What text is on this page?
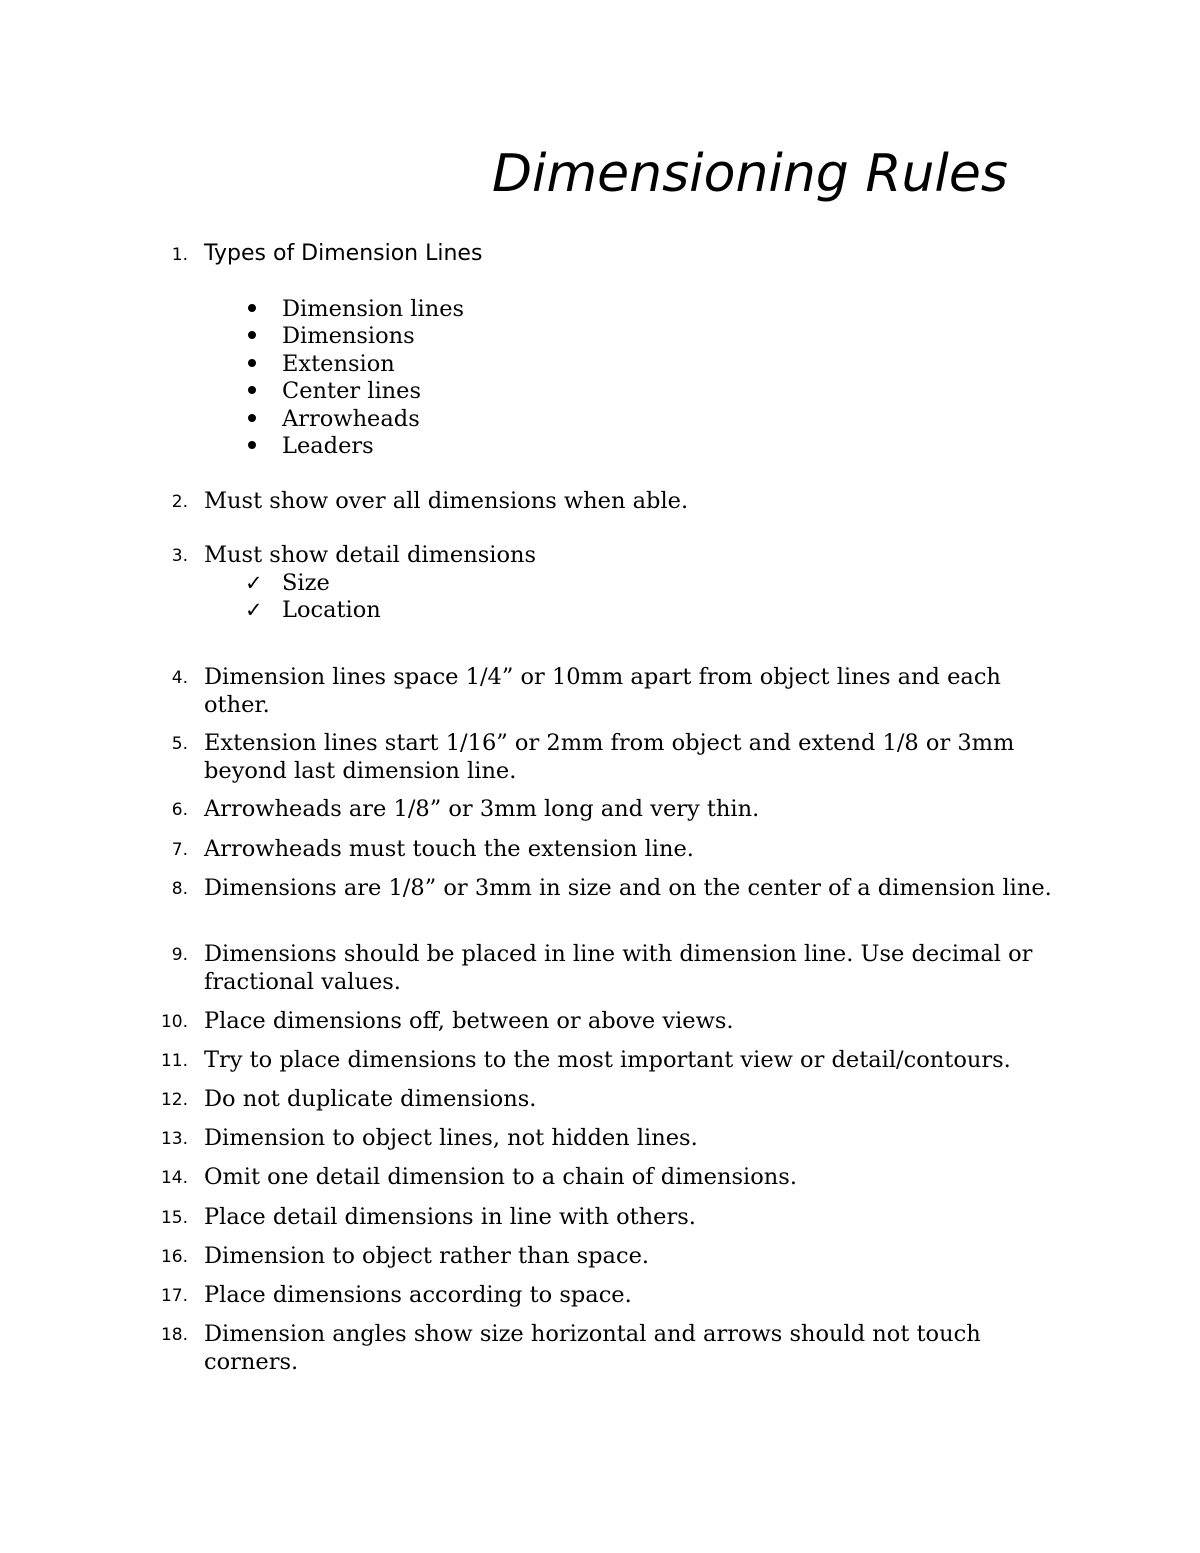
Dimensioning Rules
1. Types of Dimension Lines
Dimension lines
Dimensions
Extension
Center lines
Arrowheads
Leaders
2. Must show over all dimensions when able.
3. Must show detail dimensions
✓ Size
✓ Location
4. Dimension lines space 1/4” or 10mm apart from object lines and each other.
5. Extension lines start 1/16” or 2mm from object and extend 1/8 or 3mm beyond last dimension line.
6. Arrowheads are 1/8” or 3mm long and very thin.
7. Arrowheads must touch the extension line.
8. Dimensions are 1/8” or 3mm in size and on the center of a dimension line.
9. Dimensions should be placed in line with dimension line. Use decimal or fractional values.
10. Place dimensions off, between or above views.
11. Try to place dimensions to the most important view or detail/contours.
12. Do not duplicate dimensions.
13. Dimension to object lines, not hidden lines.
14. Omit one detail dimension to a chain of dimensions.
15. Place detail dimensions in line with others.
16. Dimension to object rather than space.
17. Place dimensions according to space.
18. Dimension angles show size horizontal and arrows should not touch corners.
